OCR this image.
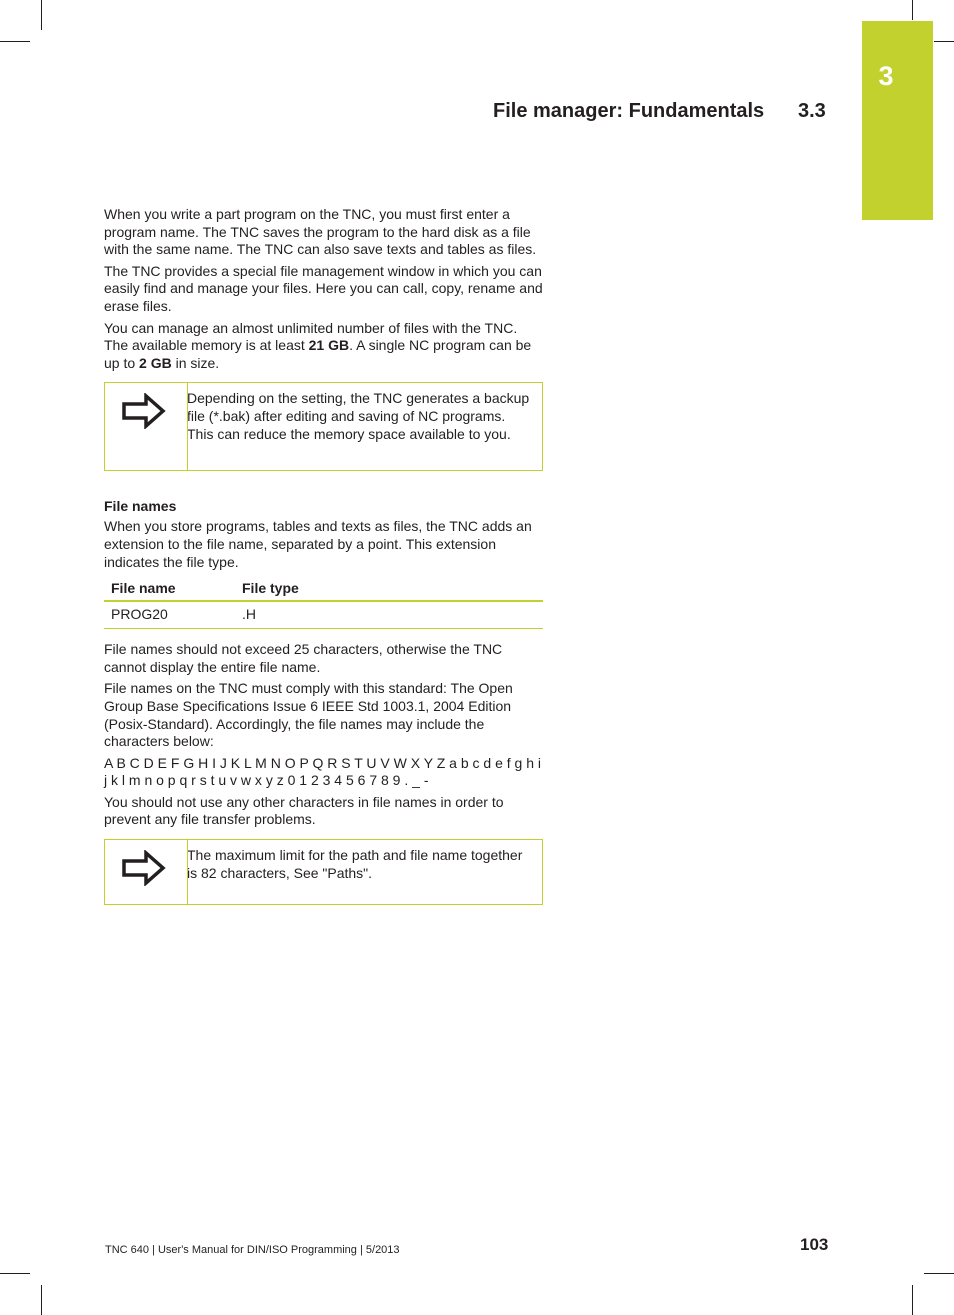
3
File manager: Fundamentals 3.3

When you write a part program on the TNC, you must first enter a program name. The TNC saves the program to the hard disk as a file with the same name. The TNC can also save texts and tables as files.

The TNC provides a special file management window in which you can easily find and manage your files. Here you can call, copy, rename and erase files.

You can manage an almost unlimited number of files with the TNC. The available memory is at least 21 GB. A single NC program can be up to 2 GB in size.

Depending on the setting, the TNC generates a backup file (*.bak) after editing and saving of NC programs. This can reduce the memory space available to you.
File names

When you store programs, tables and texts as files, the TNC adds an extension to the file name, separated by a point. This extension indicates the file type.

File name	File type
PROG20	.H

File names should not exceed 25 characters, otherwise the TNC cannot display the entire file name.

File names on the TNC must comply with this standard: The Open Group Base Specifications Issue 6 IEEE Std 1003.1, 2004 Edition (Posix-Standard). Accordingly, the file names may include the characters below:

A B C D E F G H I J K L M N O P Q R S T U V W X Y Z a b c d e f g h i j k l m n o p q r s t u v w x y z 0 1 2 3 4 5 6 7 8 9 . _ -

You should not use any other characters in file names in order to prevent any file transfer problems.

The maximum limit for the path and file name together is 82 characters, See "Paths".
TNC 640 | User's Manual for DIN/ISO Programming | 5/2013	103
